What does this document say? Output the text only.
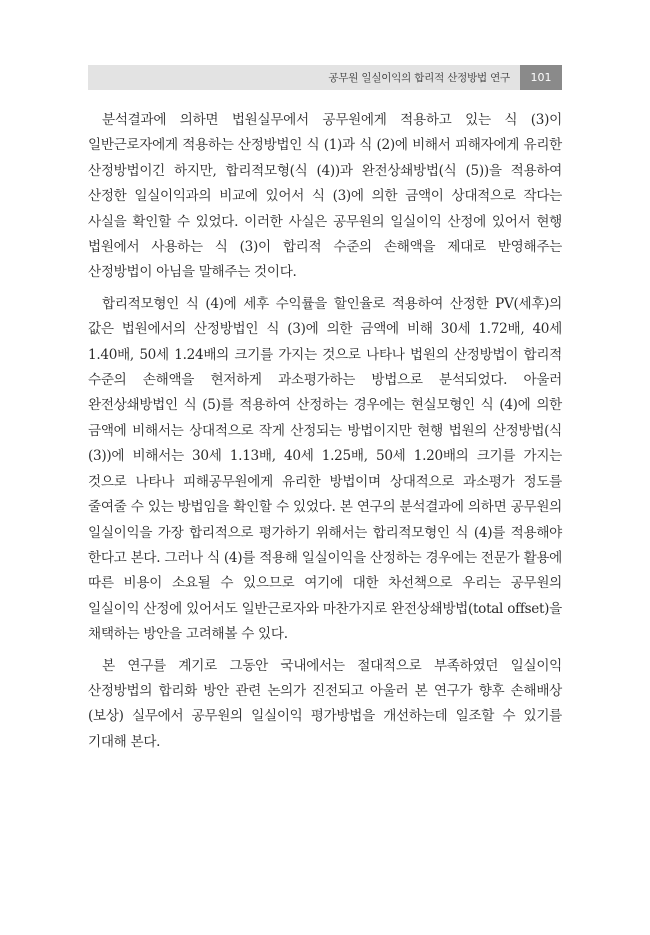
공무원 일실이익의 합리적 산정방법 연구	101

분석결과에 의하면 법원실무에서 공무원에게 적용하고 있는 식 (3)이 일반근로자에게 적용하는 산정방법인 식 (1)과 식 (2)에 비해서 피해자에게 유리한 산정방법이긴 하지만, 합리적모형(식 (4))과 완전상쇄방법(식 (5))을 적용하여 산정한 일실이익과의 비교에 있어서 식 (3)에 의한 금액이 상대적으로 작다는 사실을 확인할 수 있었다. 이러한 사실은 공무원의 일실이익 산정에 있어서 현행 법원에서 사용하는 식 (3)이 합리적 수준의 손해액을 제대로 반영해주는 산정방법이 아님을 말해주는 것이다.

합리적모형인 식 (4)에 세후 수익률을 할인율로 적용하여 산정한 PV(세후)의 값은 법원에서의 산정방법인 식 (3)에 의한 금액에 비해 30세 1.72배, 40세 1.40배, 50세 1.24배의 크기를 가지는 것으로 나타나 법원의 산정방법이 합리적 수준의 손해액을 현저하게 과소평가하는 방법으로 분석되었다. 아울러 완전상쇄방법인 식 (5)를 적용하여 산정하는 경우에는 현실모형인 식 (4)에 의한 금액에 비해서는 상대적으로 작게 산정되는 방법이지만 현행 법원의 산정방법(식 (3))에 비해서는 30세 1.13배, 40세 1.25배, 50세 1.20배의 크기를 가지는 것으로 나타나 피해공무원에게 유리한 방법이며 상대적으로 과소평가 정도를 줄여줄 수 있는 방법임을 확인할 수 있었다. 본 연구의 분석결과에 의하면 공무원의 일실이익을 가장 합리적으로 평가하기 위해서는 합리적모형인 식 (4)를 적용해야 한다고 본다. 그러나 식 (4)를 적용해 일실이익을 산정하는 경우에는 전문가 활용에 따른 비용이 소요될 수 있으므로 여기에 대한 차선책으로 우리는 공무원의 일실이익 산정에 있어서도 일반근로자와 마찬가지로 완전상쇄방법(total offset)을 채택하는 방안을 고려해볼 수 있다.

본 연구를 계기로 그동안 국내에서는 절대적으로 부족하였던 일실이익 산정방법의 합리화 방안 관련 논의가 진전되고 아울러 본 연구가 향후 손해배상(보상) 실무에서 공무원의 일실이익 평가방법을 개선하는데 일조할 수 있기를 기대해 본다.
